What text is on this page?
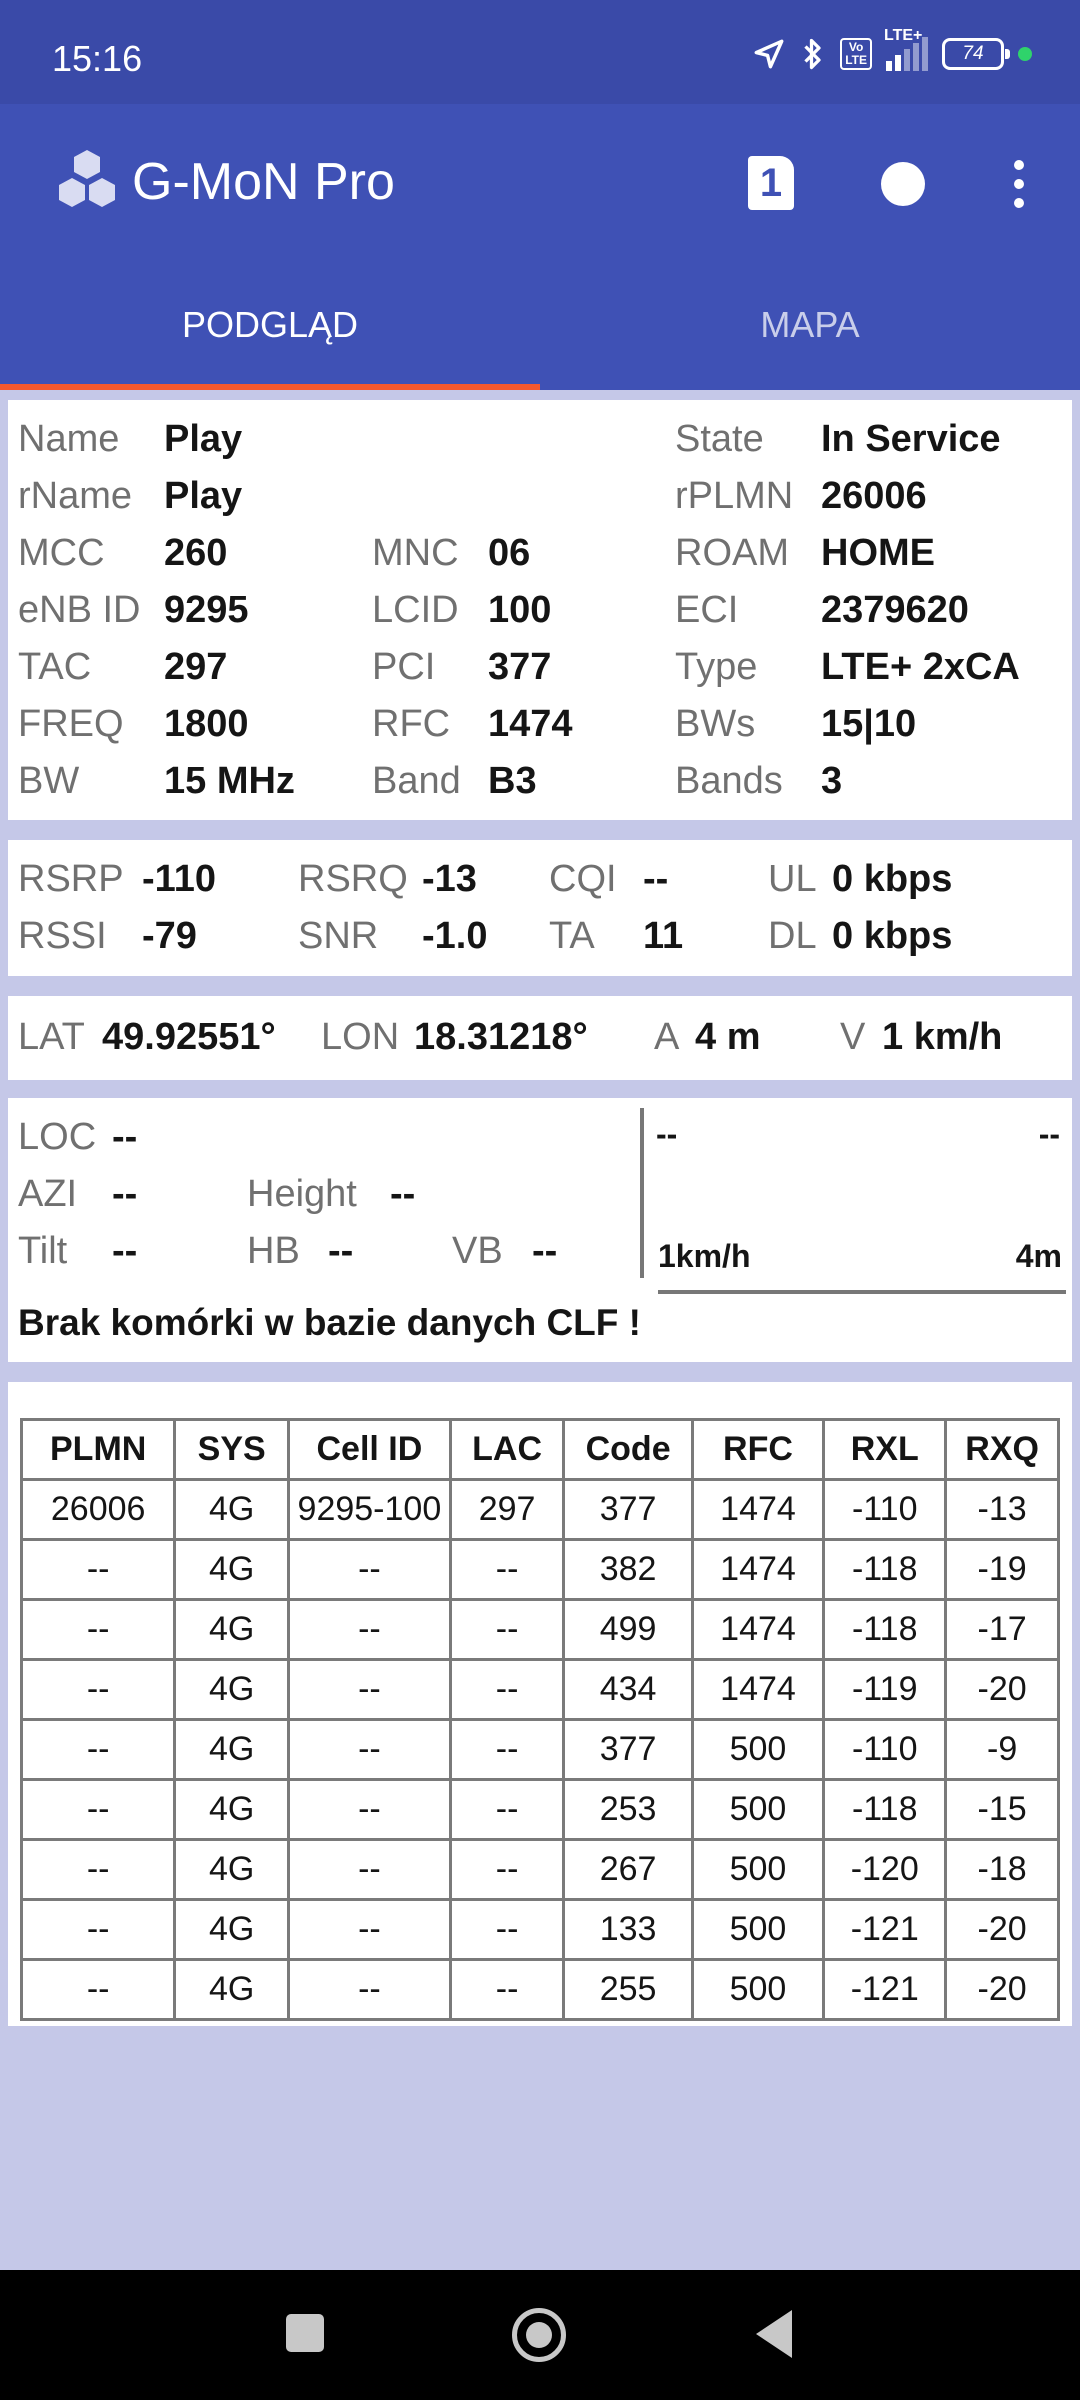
15:16	Vo
LTE
LTE+
74
G-MoN Pro	1
PODGLĄD	MAPA
Name Play	State In Service
rName Play	rPLMN 26006
MCC 260	MNC 06	ROAM HOME
eNB ID 9295	LCID 100	ECI 2379620
TAC 297	PCI 377	Type LTE+ 2xCA
FREQ 1800	RFC 1474	BWs 15|10
BW 15 MHz Band B3	Bands 3
RSRP -110 RSRQ -13 CQI --	UL 0 kbps
RSSI -79	SNR -1.0 TA 11 DL 0 kbps
LAT 49.92551° LON 18.31218° A 4 m V 1 km/h
LOC --
AZI --	Height --
Tilt --	HB --	VB --
--	--
1km/h	4m
Brak komórki w bazie danych CLF !
PLMN	SYS	Cell ID	LAC	Code	RFC	RXL	RXQ
26006	4G	9295-100	297	377	1474	-110	-13
--	4G	--	--	382	1474	-118	-19
--	4G	--	--	499	1474	-118	-17
--	4G	--	--	434	1474	-119	-20
--	4G	--	--	377	500	-110	-9
--	4G	--	--	253	500	-118	-15
--	4G	--	--	267	500	-120	-18
--	4G	--	--	133	500	-121	-20
--	4G	--	--	255	500	-121	-20
